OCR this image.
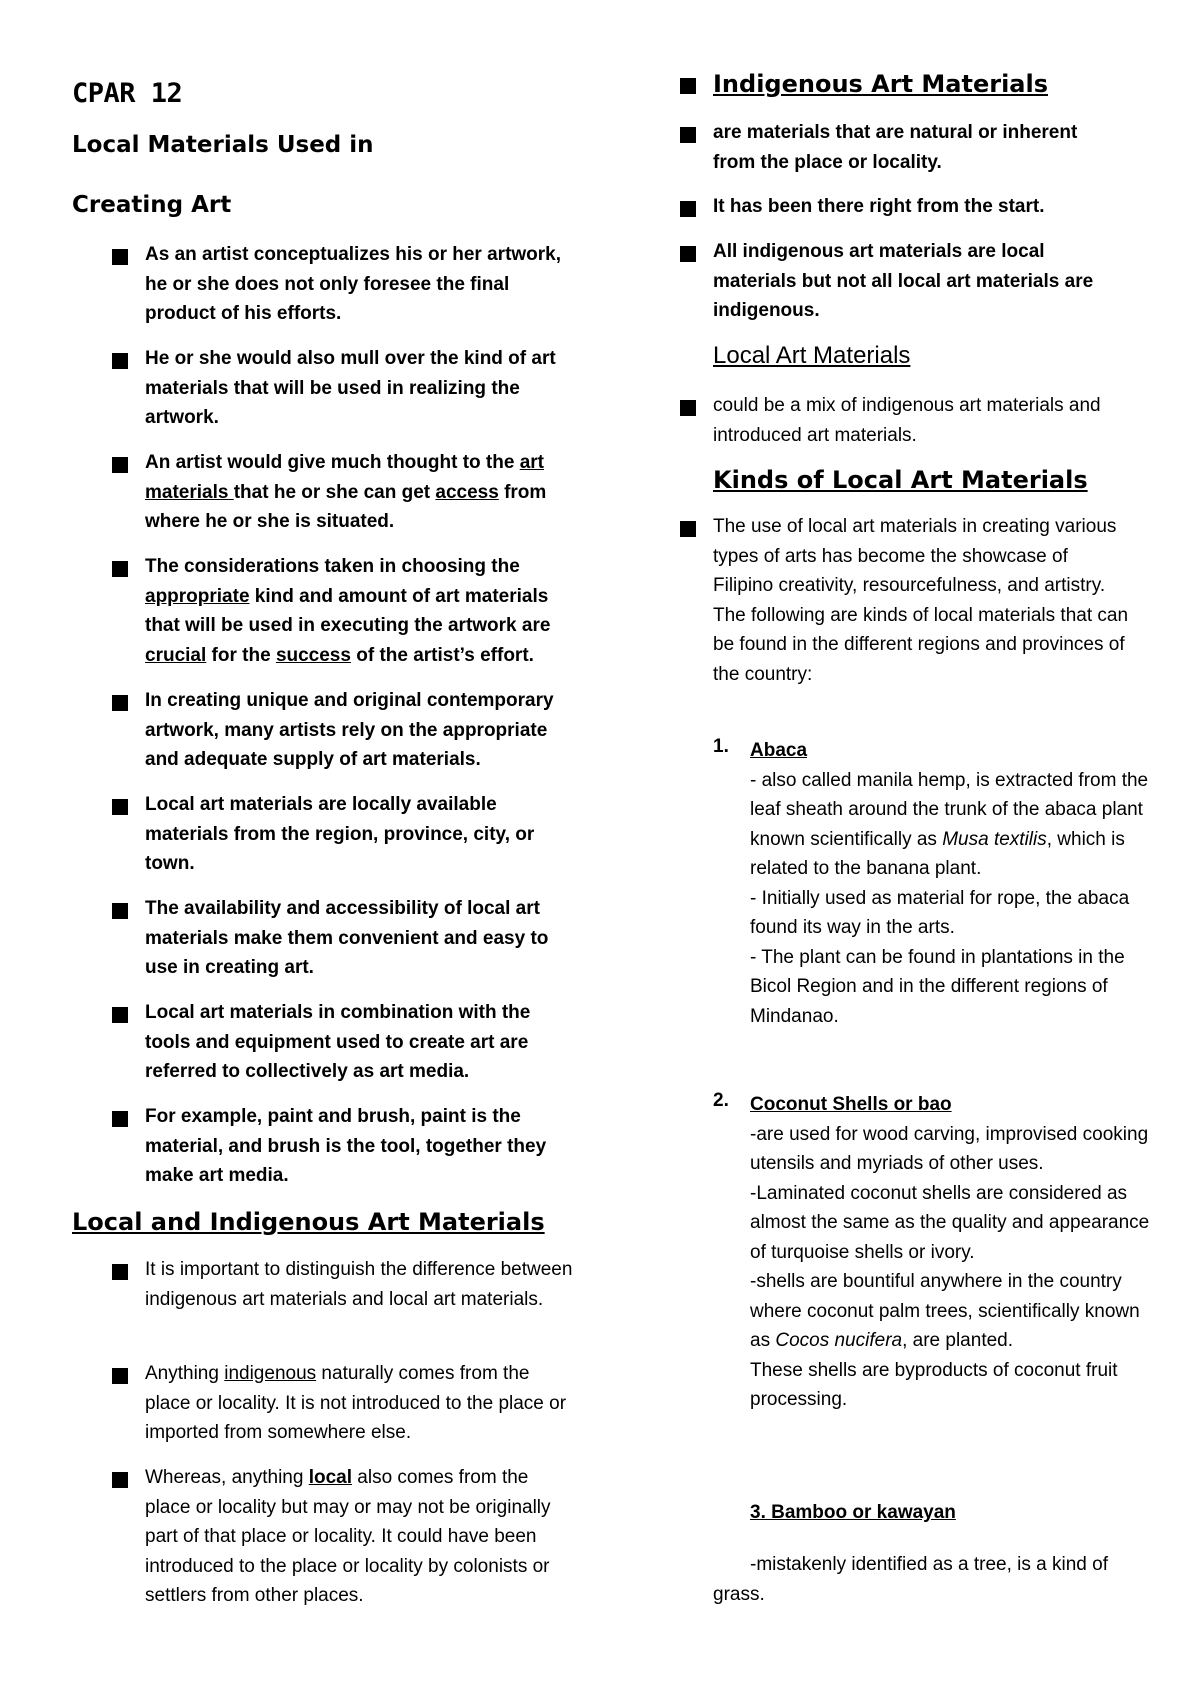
CPAR 12
Local Materials Used in
Creating Art
As an artist conceptualizes his or her artwork, he or she does not only foresee the final product of his efforts.
He or she would also mull over the kind of art materials that will be used in realizing the artwork.
An artist would give much thought to the art materials that he or she can get access from where he or she is situated.
The considerations taken in choosing the appropriate kind and amount of art materials that will be used in executing the artwork are crucial for the success of the artist’s effort.
In creating unique and original contemporary artwork, many artists rely on the appropriate and adequate supply of art materials.
Local art materials are locally available materials from the region, province, city, or town.
The availability and accessibility of local art materials make them convenient and easy to use in creating art.
Local art materials in combination with the tools and equipment used to create art are referred to collectively as art media.
For example, paint and brush, paint is the material, and brush is the tool, together they make art media.
Local and Indigenous Art Materials
It is important to distinguish the difference between indigenous art materials and local art materials.
Anything indigenous naturally comes from the place or locality. It is not introduced to the place or imported from somewhere else.
Whereas, anything local also comes from the place or locality but may or may not be originally part of that place or locality. It could have been introduced to the place or locality by colonists or settlers from other places.
Indigenous Art Materials
are materials that are natural or inherent from the place or locality.
It has been there right from the start.
All indigenous art materials are local materials but not all local art materials are indigenous.
Local Art Materials
could be a mix of indigenous art materials and introduced art materials.
Kinds of Local Art Materials
The use of local art materials in creating various types of arts has become the showcase of Filipino creativity, resourcefulness, and artistry. The following are kinds of local materials that can be found in the different regions and provinces of the country:
1. Abaca
- also called manila hemp, is extracted from the leaf sheath around the trunk of the abaca plant known scientifically as Musa textilis, which is related to the banana plant.
- Initially used as material for rope, the abaca found its way in the arts.
- The plant can be found in plantations in the Bicol Region and in the different regions of Mindanao.
2. Coconut Shells or bao
-are used for wood carving, improvised cooking utensils and myriads of other uses.
-Laminated coconut shells are considered as almost the same as the quality and appearance of turquoise shells or ivory.
-shells are bountiful anywhere in the country where coconut palm trees, scientifically known as Cocos nucifera, are planted.
These shells are byproducts of coconut fruit processing.
3. Bamboo or kawayan
-mistakenly identified as a tree, is a kind of grass.
